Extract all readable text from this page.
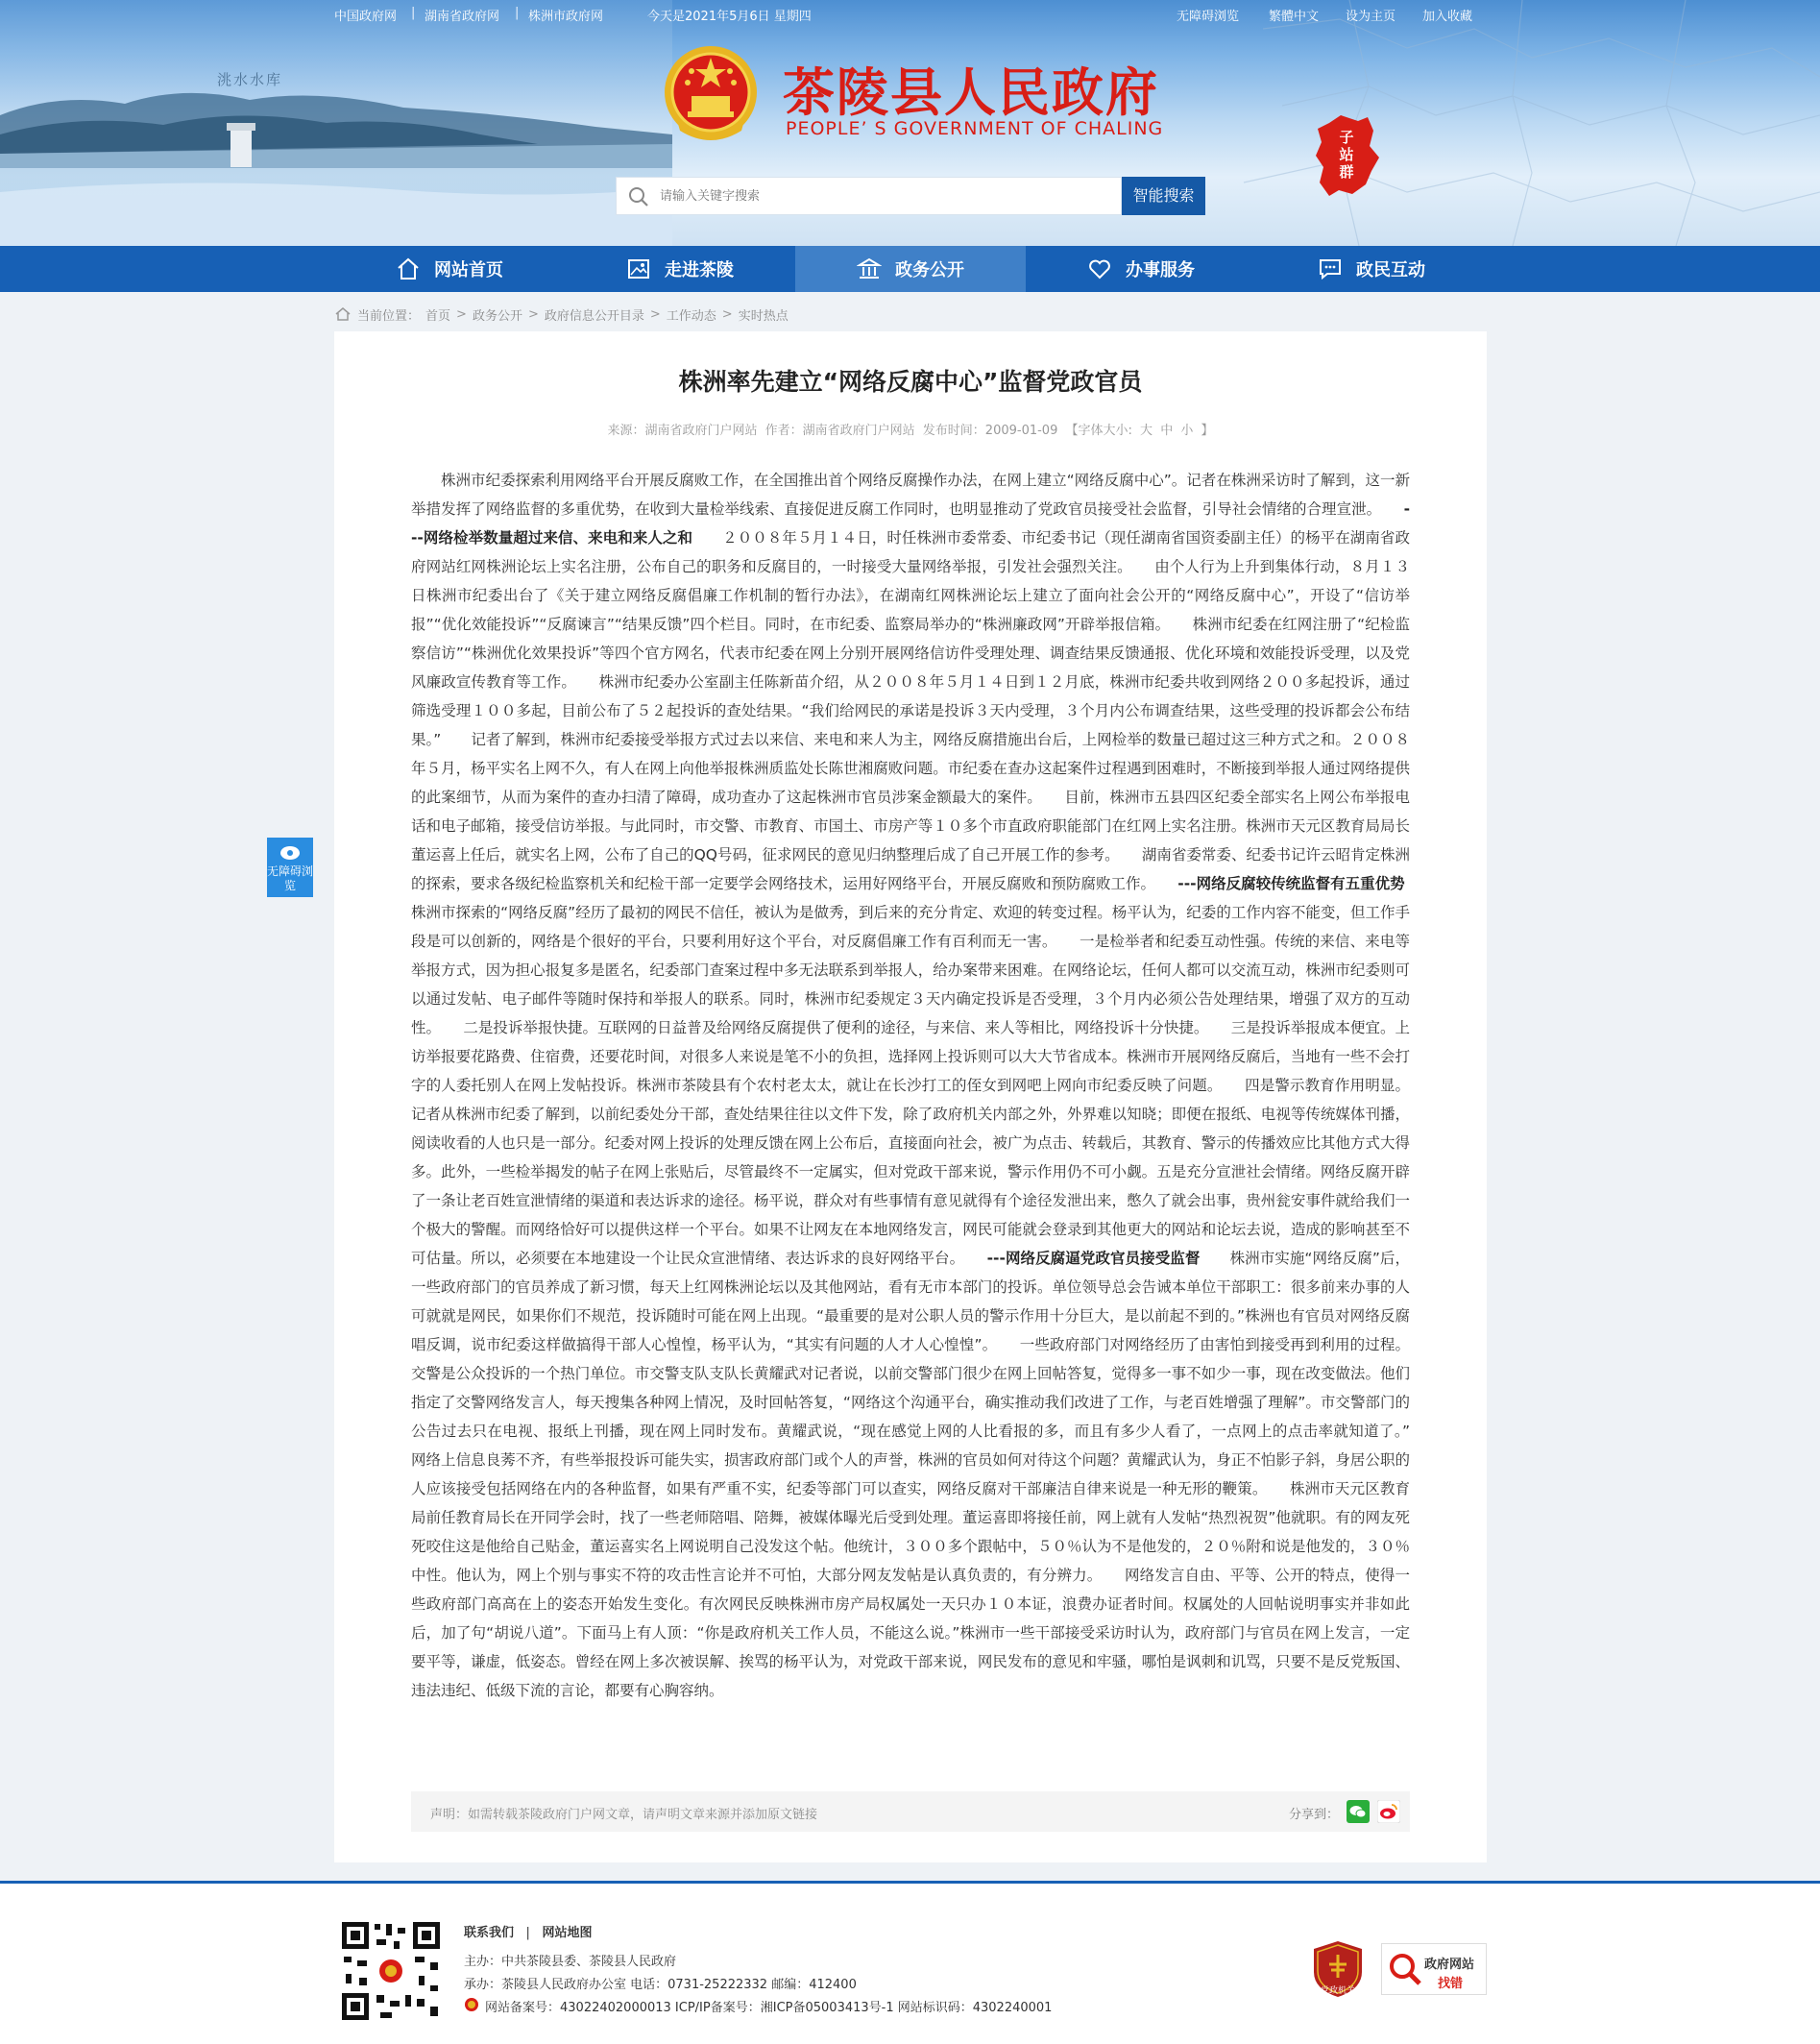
中国政府网 | 湖南省政府网 | 株洲市政府网	今天是2021年5月6日 星期四	无障碍浏览 繁體中文 设为主页 加入收藏
洮水水库	茶陵县人民政府
PEOPLE’ S GOVERNMENT OF CHALING
请输入关键字搜索
智能搜索
子站群
网站首页	走进茶陵	政务公开	办事服务	政民互动
当前位置： 首页 > 政务公开 > 政府信息公开目录 > 工作动态 > 实时热点
无障碍浏览
株洲率先建立“网络反腐中心”监督党政官员
来源：湖南省政府门户网站 作者：湖南省政府门户网站 发布时间：2009-01-09 【字体大小: 大 中 小 】
　　株洲市纪委探索利用网络平台开展反腐败工作，在全国推出首个网络反腐操作办法，在网上建立“网络反腐中心”。记者在株洲采访时了解到，这一新举措发挥了网络监督的多重优势，在收到大量检举线索、直接促进反腐工作同时，也明显推动了党政官员接受社会监督，引导社会情绪的合理宣泄。　　---网络检举数量超过来信、来电和来人之和　　２００８年５月１４日，时任株洲市委常委、市纪委书记（现任湖南省国资委副主任）的杨平在湖南省政府网站红网株洲论坛上实名注册，公布自己的职务和反腐目的，一时接受大量网络举报，引发社会强烈关注。　　由个人行为上升到集体行动，８月１３日株洲市纪委出台了《关于建立网络反腐倡廉工作机制的暂行办法》，在湖南红网株洲论坛上建立了面向社会公开的“网络反腐中心”，开设了“信访举报”“优化效能投诉”“反腐谏言”“结果反馈”四个栏目。同时，在市纪委、监察局举办的“株洲廉政网”开辟举报信箱。　　株洲市纪委在红网注册了“纪检监察信访”“株洲优化效果投诉”等四个官方网名，代表市纪委在网上分别开展网络信访件受理处理、调查结果反馈通报、优化环境和效能投诉受理，以及党风廉政宣传教育等工作。　　株洲市纪委办公室副主任陈新苗介绍，从２００８年５月１４日到１２月底，株洲市纪委共收到网络２００多起投诉，通过筛选受理１００多起，目前公布了５２起投诉的查处结果。“我们给网民的承诺是投诉３天内受理，３个月内公布调查结果，这些受理的投诉都会公布结果。”　　记者了解到，株洲市纪委接受举报方式过去以来信、来电和来人为主，网络反腐措施出台后，上网检举的数量已超过这三种方式之和。２００８年５月，杨平实名上网不久，有人在网上向他举报株洲质监处长陈世湘腐败问题。市纪委在查办这起案件过程遇到困难时，不断接到举报人通过网络提供的此案细节，从而为案件的查办扫清了障碍，成功查办了这起株洲市官员涉案金额最大的案件。　　目前，株洲市五县四区纪委全部实名上网公布举报电话和电子邮箱，接受信访举报。与此同时，市交警、市教育、市国土、市房产等１０多个市直政府职能部门在红网上实名注册。株洲市天元区教育局局长董运喜上任后，就实名上网，公布了自己的QQ号码，征求网民的意见归纳整理后成了自己开展工作的参考。　　湖南省委常委、纪委书记许云昭肯定株洲的探索，要求各级纪检监察机关和纪检干部一定要学会网络技术，运用好网络平台，开展反腐败和预防腐败工作。　　---网络反腐较传统监督有五重优势　　株洲市探索的“网络反腐”经历了最初的网民不信任，被认为是做秀，到后来的充分肯定、欢迎的转变过程。杨平认为，纪委的工作内容不能变，但工作手段是可以创新的，网络是个很好的平台，只要利用好这个平台，对反腐倡廉工作有百利而无一害。　　一是检举者和纪委互动性强。传统的来信、来电等举报方式，因为担心报复多是匿名，纪委部门查案过程中多无法联系到举报人，给办案带来困难。在网络论坛，任何人都可以交流互动，株洲市纪委则可以通过发帖、电子邮件等随时保持和举报人的联系。同时，株洲市纪委规定３天内确定投诉是否受理，３个月内必须公告处理结果，增强了双方的互动性。　　二是投诉举报快捷。互联网的日益普及给网络反腐提供了便利的途径，与来信、来人等相比，网络投诉十分快捷。　　三是投诉举报成本便宜。上访举报要花路费、住宿费，还要花时间，对很多人来说是笔不小的负担，选择网上投诉则可以大大节省成本。株洲市开展网络反腐后，当地有一些不会打字的人委托别人在网上发帖投诉。株洲市茶陵县有个农村老太太，就让在长沙打工的侄女到网吧上网向市纪委反映了问题。　　四是警示教育作用明显。记者从株洲市纪委了解到，以前纪委处分干部，查处结果往往以文件下发，除了政府机关内部之外，外界难以知晓；即便在报纸、电视等传统媒体刊播，阅读收看的人也只是一部分。纪委对网上投诉的处理反馈在网上公布后，直接面向社会，被广为点击、转载后，其教育、警示的传播效应比其他方式大得多。此外，一些检举揭发的帖子在网上张贴后，尽管最终不一定属实，但对党政干部来说，警示作用仍不可小觑。五是充分宣泄社会情绪。网络反腐开辟了一条让老百姓宣泄情绪的渠道和表达诉求的途径。杨平说，群众对有些事情有意见就得有个途径发泄出来，憋久了就会出事，贵州瓮安事件就给我们一个极大的警醒。而网络恰好可以提供这样一个平台。如果不让网友在本地网络发言，网民可能就会登录到其他更大的网站和论坛去说，造成的影响甚至不可估量。所以，必须要在本地建设一个让民众宣泄情绪、表达诉求的良好网络平台。　　---网络反腐逼党政官员接受监督　　株洲市实施“网络反腐”后，一些政府部门的官员养成了新习惯，每天上红网株洲论坛以及其他网站，看有无市本部门的投诉。单位领导总会告诫本单位干部职工：很多前来办事的人可就就是网民，如果你们不规范，投诉随时可能在网上出现。“最重要的是对公职人员的警示作用十分巨大，是以前起不到的。”株洲也有官员对网络反腐唱反调，说市纪委这样做搞得干部人心惶惶，杨平认为，“其实有问题的人才人心惶惶”。　　一些政府部门对网络经历了由害怕到接受再到利用的过程。交警是公众投诉的一个热门单位。市交警支队支队长黄耀武对记者说，以前交警部门很少在网上回帖答复，觉得多一事不如少一事，现在改变做法。他们指定了交警网络发言人，每天搜集各种网上情况，及时回帖答复，“网络这个沟通平台，确实推动我们改进了工作，与老百姓增强了理解”。市交警部门的公告过去只在电视、报纸上刊播，现在网上同时发布。黄耀武说，“现在感觉上网的人比看报的多，而且有多少人看了，一点网上的点击率就知道了。”　　网络上信息良莠不齐，有些举报投诉可能失实，损害政府部门或个人的声誉，株洲的官员如何对待这个问题？黄耀武认为，身正不怕影子斜，身居公职的人应该接受包括网络在内的各种监督，如果有严重不实，纪委等部门可以查实，网络反腐对干部廉洁自律来说是一种无形的鞭策。　　株洲市天元区教育局前任教育局长在开同学会时，找了一些老师陪唱、陪舞，被媒体曝光后受到处理。董运喜即将接任前，网上就有人发帖“热烈祝贺”他就职。有的网友死死咬住这是他给自己贴金，董运喜实名上网说明自己没发这个帖。他统计，３００多个跟帖中，５０％认为不是他发的，２０％附和说是他发的，３０％中性。他认为，网上个别与事实不符的攻击性言论并不可怕，大部分网友发帖是认真负责的，有分辨力。　　网络发言自由、平等、公开的特点，使得一些政府部门高高在上的姿态开始发生变化。有次网民反映株洲市房产局权属处一天只办１０本证，浪费办证者时间。权属处的人回帖说明事实并非如此后，加了句“胡说八道”。下面马上有人顶：“你是政府机关工作人员，不能这么说。”株洲市一些干部接受采访时认为，政府部门与官员在网上发言，一定要平等，谦虚，低姿态。曾经在网上多次被误解、挨骂的杨平认为，对党政干部来说，网民发布的意见和牢骚，哪怕是讽刺和讥骂，只要不是反党叛国、违法违纪、低级下流的言论，都要有心胸容纳。
声明：如需转载茶陵政府门户网文章，请声明文章来源并添加原文链接	分享到：
联系我们 | 网站地图
主办：中共茶陵县委、茶陵县人民政府
承办：茶陵县人民政府办公室 电话：0731-25222332 邮编：412400
网站备案号：43022402000013 ICP/IP备案号：湘ICP备05003413号-1 网站标识码：4302240001
党政机关
政府网站
找错
